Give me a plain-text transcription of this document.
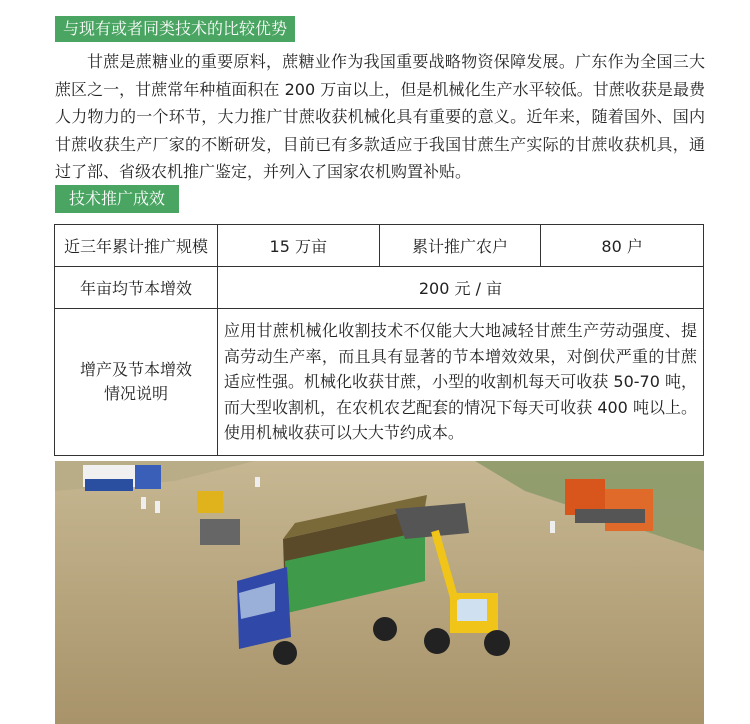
与现有或者同类技术的比较优势

甘蔗是蔗糖业的重要原料，蔗糖业作为我国重要战略物资保障发展。广东作为全国三大蔗区之一，甘蔗常年种植面积在 200 万亩以上，但是机械化生产水平较低。甘蔗收获是最费人力物力的一个环节，大力推广甘蔗收获机械化具有重要的意义。近年来，随着国外、国内甘蔗收获生产厂家的不断研发，目前已有多款适应于我国甘蔗生产实际的甘蔗收获机具，通过了部、省级农机推广鉴定，并列入了国家农机购置补贴。

技术推广成效
近三年累计推广规模	15 万亩	累计推广农户	80 户
年亩均节本增效	200 元 / 亩		
增产及节本增效情况说明	应用甘蔗机械化收割技术不仅能大大地减轻甘蔗生产劳动强度、提高劳动生产率，而且具有显著的节本增效效果，对倒伏严重的甘蔗适应性强。机械化收获甘蔗，小型的收割机每天可收获 50-70 吨，而大型收割机，在农机农艺配套的情况下每天可收获 400 吨以上。使用机械收获可以大大节约成本。		
